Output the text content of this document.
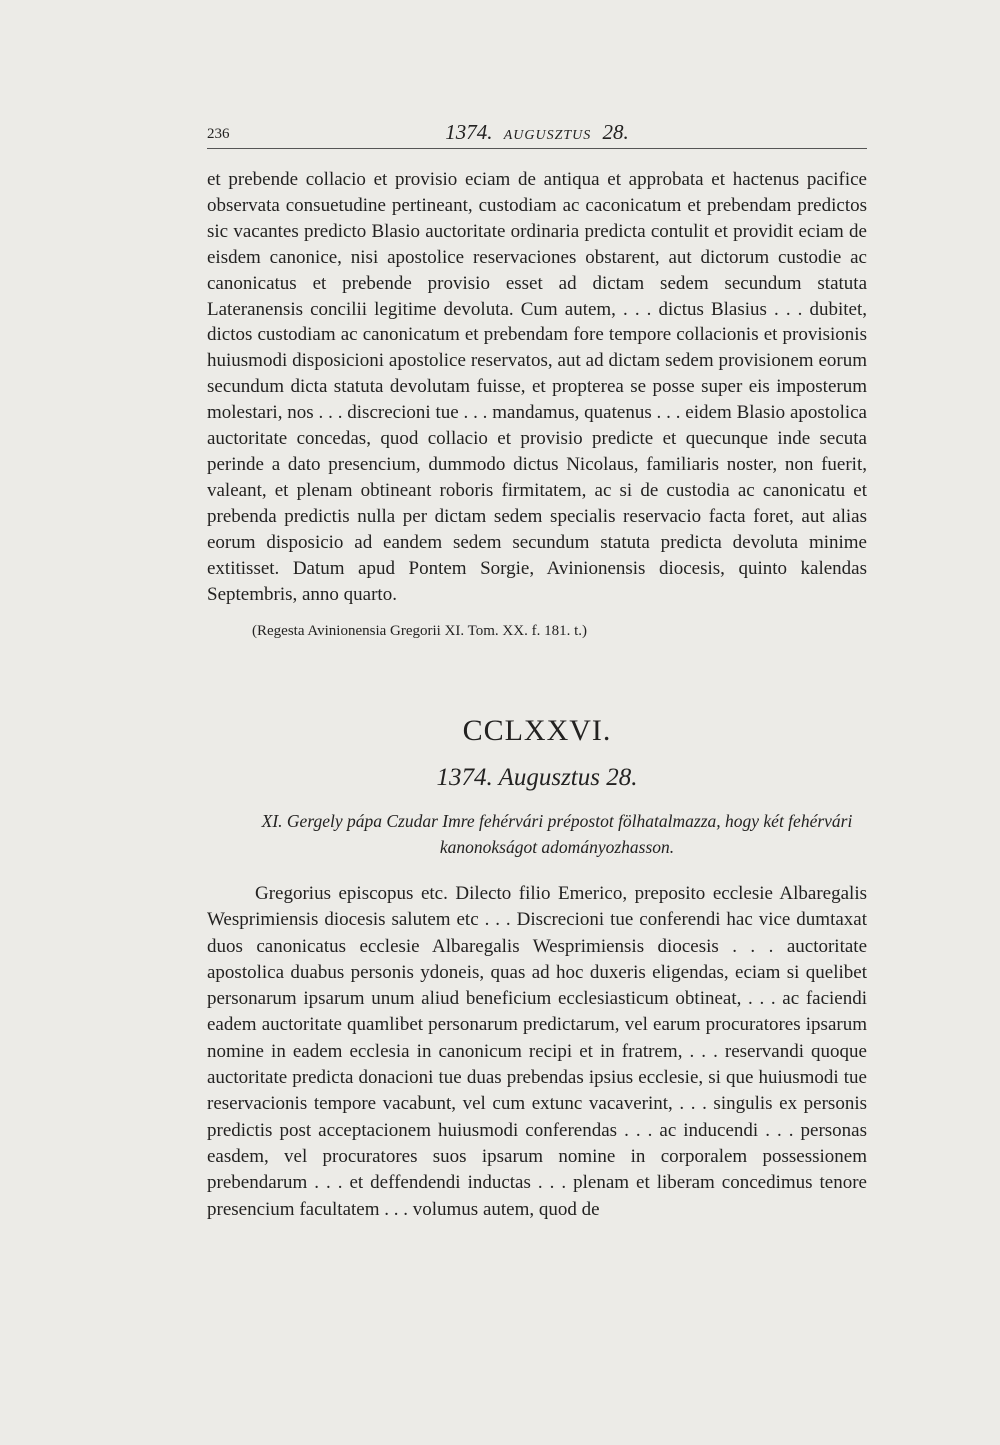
236	1374. AUGUSZTUS 28.

et prebende collacio et provisio eciam de antiqua et approbata et hactenus pacifice observata consuetudine pertineant, custodiam ac caconicatum et prebendam predictos sic vacantes predicto Blasio auctoritate ordinaria predicta contulit et providit eciam de eisdem canonice, nisi apostolice reservaciones obstarent, aut dictorum custodie ac canonicatus et prebende provisio esset ad dictam sedem secundum statuta Lateranensis concilii legitime devoluta. Cum autem, . . . dictus Blasius . . . dubitet, dictos custodiam ac canonicatum et prebendam fore tempore collacionis et provisionis huiusmodi disposicioni apostolice reservatos, aut ad dictam sedem provisionem eorum secundum dicta statuta devolutam fuisse, et propterea se posse super eis imposterum molestari, nos . . . discrecioni tue . . . mandamus, quatenus . . . eidem Blasio apostolica auctoritate concedas, quod collacio et provisio predicte et quecunque inde secuta perinde a dato presencium, dummodo dictus Nicolaus, familiaris noster, non fuerit, valeant, et plenam obtineant roboris firmitatem, ac si de custodia ac canonicatu et prebenda predictis nulla per dictam sedem specialis reservacio facta foret, aut alias eorum disposicio ad eandem sedem secundum statuta predicta devoluta minime extitisset. Datum apud Pontem Sorgie, Avinionensis diocesis, quinto kalendas Septembris, anno quarto.

(Regesta Avinionensia Gregorii XI. Tom. XX. f. 181. t.)
CCLXXVI.
1374. Augusztus 28.
XI. Gergely pápa Czudar Imre fehérvári prépostot fölhatalmazza, hogy két fehérvári
kanonokságot adományozhasson.

Gregorius episcopus etc. Dilecto filio Emerico, preposito ecclesie Albaregalis Wesprimiensis diocesis salutem etc . . . Discrecioni tue conferendi hac vice dumtaxat duos canonicatus ecclesie Albaregalis Wesprimiensis diocesis . . . auctoritate apostolica duabus personis ydoneis, quas ad hoc duxeris eligendas, eciam si quelibet personarum ipsarum unum aliud beneficium ecclesiasticum obtineat, . . . ac faciendi eadem auctoritate quamlibet personarum predictarum, vel earum procuratores ipsarum nomine in eadem ecclesia in canonicum recipi et in fratrem, . . . reservandi quoque auctoritate predicta donacioni tue duas prebendas ipsius ecclesie, si que huiusmodi tue reservacionis tempore vacabunt, vel cum extunc vacaverint, . . . singulis ex personis predictis post acceptacionem huiusmodi conferendas . . . ac inducendi . . . personas easdem, vel procuratores suos ipsarum nomine in corporalem possessionem prebendarum . . . et deffendendi inductas . . . plenam et liberam concedimus tenore presencium facultatem . . . volumus autem, quod de
